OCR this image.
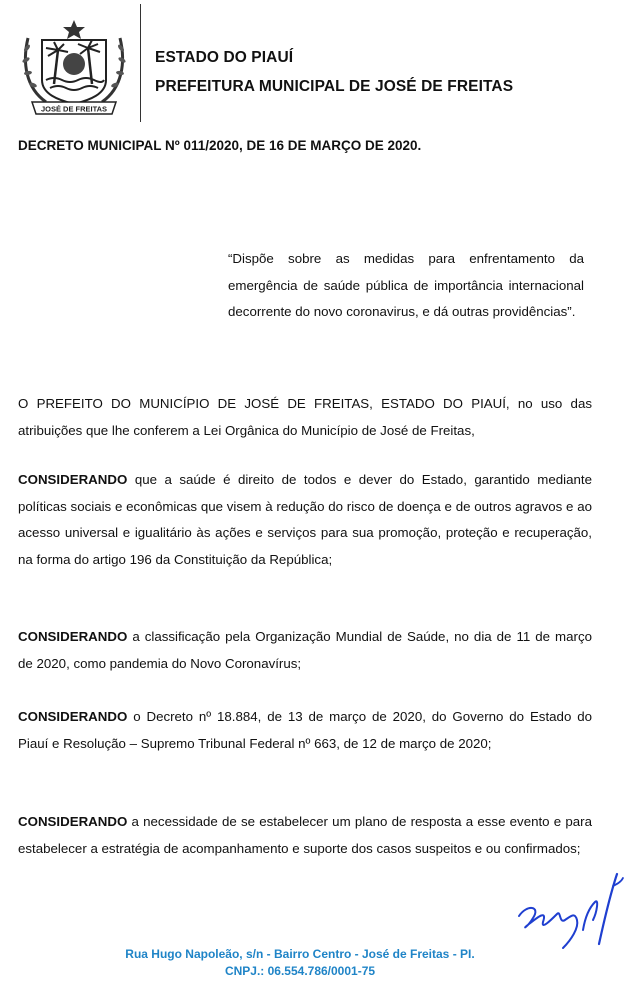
JOSÉ DE FREITAS
ESTADO DO PIAUÍ
PREFEITURA MUNICIPAL DE JOSÉ DE FREITAS
DECRETO MUNICIPAL Nº 011/2020, DE 16 DE MARÇO DE 2020.
“Dispõe sobre as medidas para enfrentamento da emergência de saúde pública de importância internacional decorrente do novo coronavirus, e dá outras providências”.

O PREFEITO DO MUNICÍPIO DE JOSÉ DE FREITAS, ESTADO DO PIAUÍ, no uso das atribuições que lhe conferem a Lei Orgânica do Município de José de Freitas,

CONSIDERANDO que a saúde é direito de todos e dever do Estado, garantido mediante políticas sociais e econômicas que visem à redução do risco de doença e de outros agravos e ao acesso universal e igualitário às ações e serviços para sua promoção, proteção e recuperação, na forma do artigo 196 da Constituição da República;

CONSIDERANDO a classificação pela Organização Mundial de Saúde, no dia de 11 de março de 2020, como pandemia do Novo Coronavírus;

CONSIDERANDO o Decreto nº 18.884, de 13 de março de 2020, do Governo do Estado do Piauí e Resolução – Supremo Tribunal Federal nº 663, de 12 de março de 2020;

CONSIDERANDO a necessidade de se estabelecer um plano de resposta a esse evento e para estabelecer a estratégia de acompanhamento e suporte dos casos suspeitos e ou confirmados;

Rua Hugo Napoleão, s/n - Bairro Centro - José de Freitas - PI.
CNPJ.: 06.554.786/0001-75
